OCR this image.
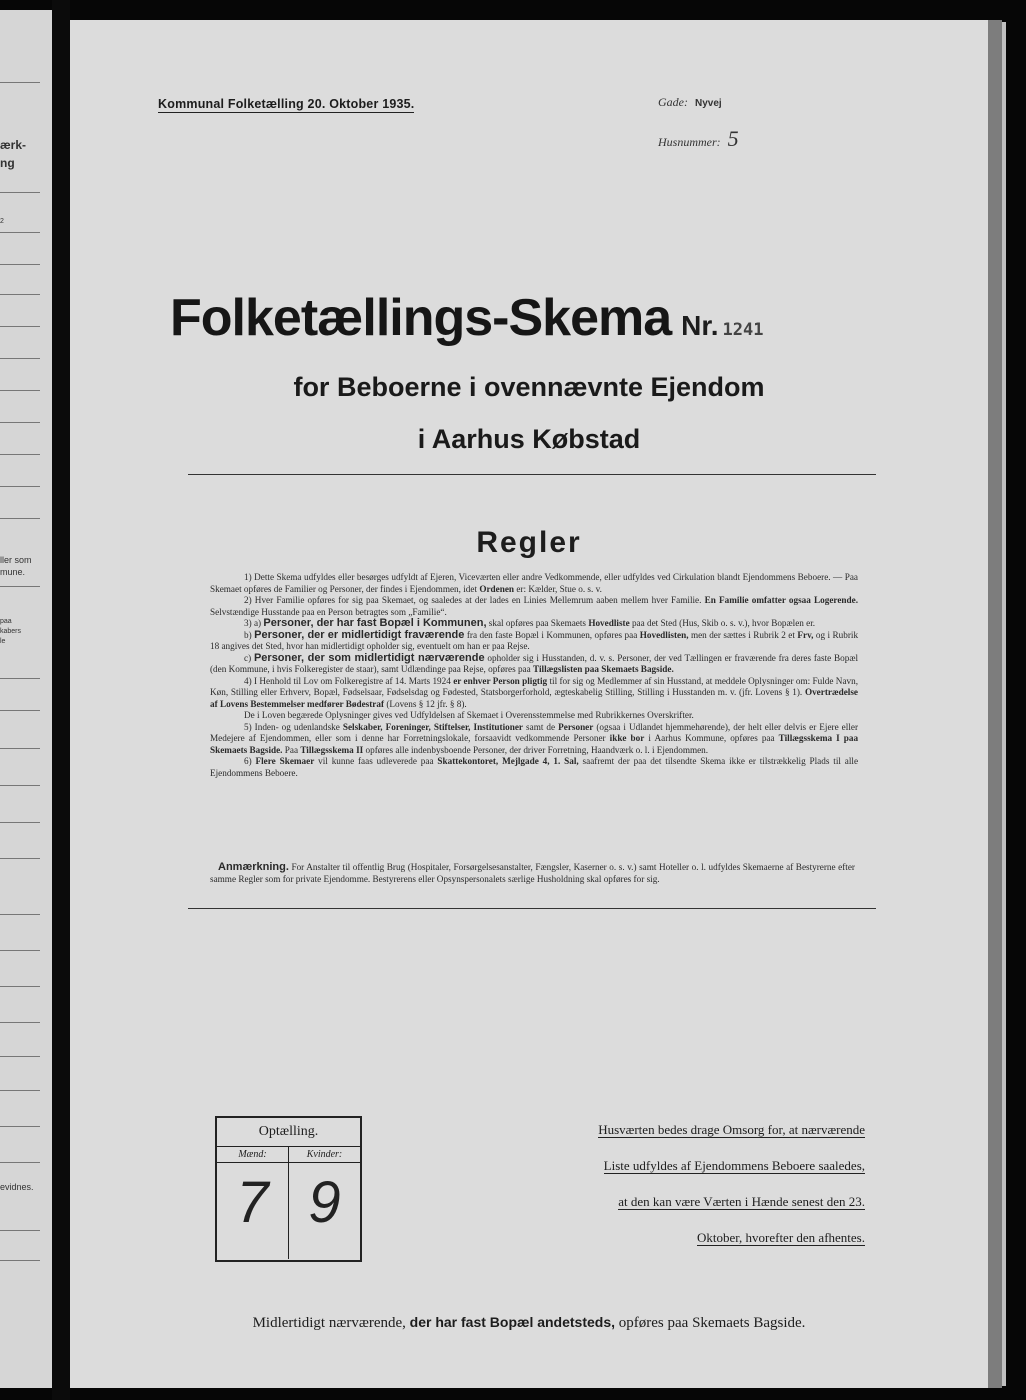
ærk-
ng
2
ller som
mune.
paa
kabers
le
evidnes.
Kommunal Folketælling 20. Oktober 1935.	Gade: Nyvej
Husnummer: 5
Folketællings-Skema Nr. 1241
for Beboerne i ovennævnte Ejendom
i Aarhus Købstad
Regler

1) Dette Skema udfyldes eller besørges udfyldt af Ejeren, Viceværten eller andre Vedkommende, eller udfyldes ved Cirkulation blandt Ejendommens Beboere. — Paa Skemaet opføres de Familier og Personer, der findes i Ejendommen, idet Ordenen er: Kælder, Stue o. s. v.

2) Hver Familie opføres for sig paa Skemaet, og saaledes at der lades en Linies Mellemrum aaben mellem hver Familie. En Familie omfatter ogsaa Logerende. Selvstændige Husstande paa en Person betragtes som „Familie“.

3) a) Personer, der har fast Bopæl i Kommunen, skal opføres paa Skemaets Hovedliste paa det Sted (Hus, Skib o. s. v.), hvor Bopælen er.

b) Personer, der er midlertidigt fraværende fra den faste Bopæl i Kommunen, opføres paa Hovedlisten, men der sættes i Rubrik 2 et Frv, og i Rubrik 18 angives det Sted, hvor han midlertidigt opholder sig, eventuelt om han er paa Rejse.

c) Personer, der som midlertidigt nærværende opholder sig i Husstanden, d. v. s. Personer, der ved Tællingen er fraværende fra deres faste Bopæl (den Kommune, i hvis Folkeregister de staar), samt Udlændinge paa Rejse, opføres paa Tillægslisten paa Skemaets Bagside.

4) I Henhold til Lov om Folkeregistre af 14. Marts 1924 er enhver Person pligtig til for sig og Medlemmer af sin Husstand, at meddele Oplysninger om: Fulde Navn, Køn, Stilling eller Erhverv, Bopæl, Fødselsaar, Fødselsdag og Fødested, Statsborgerforhold, ægteskabelig Stilling, Stilling i Husstanden m. v. (jfr. Lovens § 1). Overtrædelse af Lovens Bestemmelser medfører Bødestraf (Lovens § 12 jfr. § 8).

De i Loven begærede Oplysninger gives ved Udfyldelsen af Skemaet i Overensstemmelse med Rubrikkernes Overskrifter.

5) Inden- og udenlandske Selskaber, Foreninger, Stiftelser, Institutioner samt de Personer (ogsaa i Udlandet hjemmehørende), der helt eller delvis er Ejere eller Medejere af Ejendommen, eller som i denne har Forretningslokale, forsaavidt vedkommende Personer ikke bor i Aarhus Kommune, opføres paa Tillægsskema I paa Skemaets Bagside. Paa Tillægsskema II opføres alle indenbysboende Personer, der driver Forretning, Haandværk o. l. i Ejendommen.

6) Flere Skemaer vil kunne faas udleverede paa Skattekontoret, Mejlgade 4, 1. Sal, saafremt der paa det tilsendte Skema ikke er tilstrækkelig Plads til alle Ejendommens Beboere.

Anmærkning. For Anstalter til offentlig Brug (Hospitaler, Forsørgelsesanstalter, Fængsler, Kaserner o. s. v.) samt Hoteller o. l. udfyldes Skemaerne af Bestyrerne efter samme Regler som for private Ejendomme. Bestyrerens eller Opsynspersonalets særlige Husholdning skal opføres for sig.

Optælling.
Mænd:
7
Kvinder:
9
Husværten bedes drage Omsorg for, at nærværende
Liste udfyldes af Ejendommens Beboere saaledes,
at den kan være Værten i Hænde senest den 23.
Oktober, hvorefter den afhentes.
Midlertidigt nærværende, der har fast Bopæl andetsteds, opføres paa Skemaets Bagside.
